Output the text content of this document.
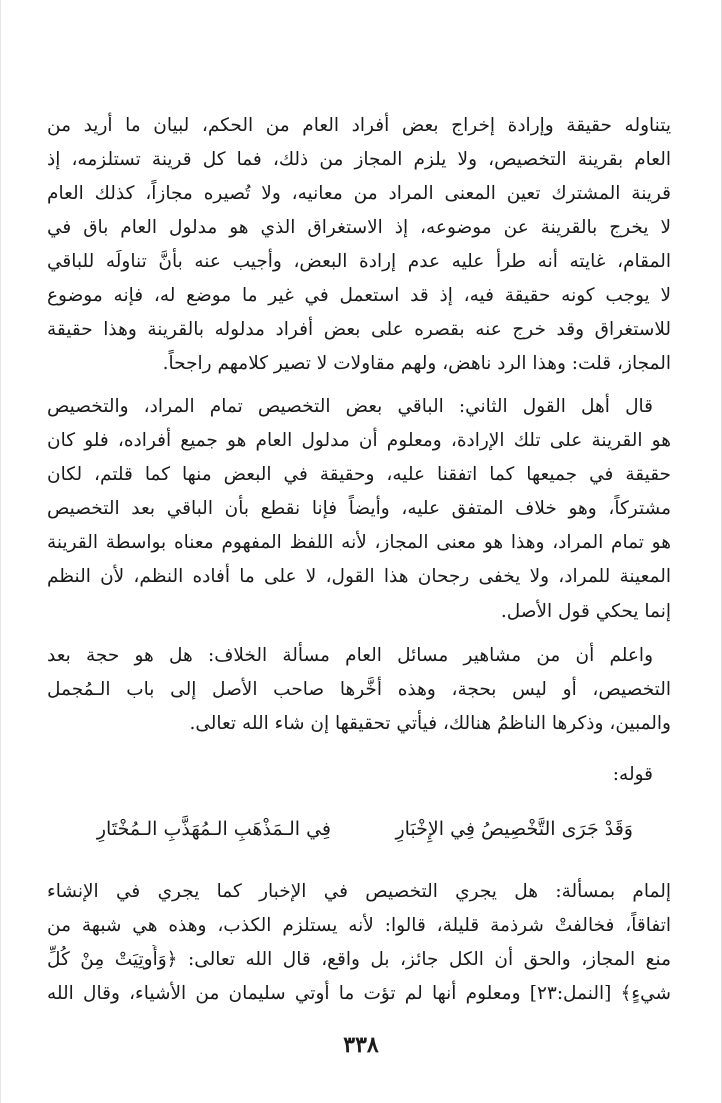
يتناوله حقيقة وإرادة إخراج بعض أفراد العام من الحكم، لبيان ما أريد من
العام بقرينة التخصيص، ولا يلزم المجاز من ذلك، فما كل قرينة تستلزمه، إذ
قرينة المشترك تعين المعنى المراد من معانيه، ولا تُصيره مجازاً، كذلك العام
لا يخرج بالقرينة عن موضوعه، إذ الاستغراق الذي هو مدلول العام باق في
المقام، غايته أنه طرأ عليه عدم إرادة البعض، وأجيب عنه بأنَّ تناولَه للباقي
لا يوجب كونه حقيقة فيه، إذ قد استعمل في غير ما موضع له، فإنه موضوع
للاستغراق وقد خرج عنه بقصره على بعض أفراد مدلوله بالقرينة وهذا حقيقة
المجاز، قلت: وهذا الرد ناهض، ولهم مقاولات لا تصير كلامهم راجحاً.
قال أهل القول الثاني: الباقي بعض التخصيص تمام المراد، والتخصيص
هو القرينة على تلك الإرادة، ومعلوم أن مدلول العام هو جميع أفراده، فلو كان
حقيقة في جميعها كما اتفقنا عليه، وحقيقة في البعض منها كما قلتم، لكان
مشتركاً، وهو خلاف المتفق عليه، وأيضاً فإنا نقطع بأن الباقي بعد التخصيص
هو تمام المراد، وهذا هو معنى المجاز، لأنه اللفظ المفهوم معناه بواسطة القرينة
المعينة للمراد، ولا يخفى رجحان هذا القول، لا على ما أفاده النظم، لأن النظم
إنما يحكي قول الأصل.
واعلم أن من مشاهير مسائل العام مسألة الخلاف: هل هو حجة بعد
التخصيص، أو ليس بحجة، وهذه أخَّرها صاحب الأصل إلى باب الـمُجمل
والمبين، وذكرها الناظمُ هنالك، فيأتي تحقيقها إن شاء الله تعالى.
قوله:
وَقَدْ جَرَى التَّخْصِيصُ فِي الإِخْبَارِ
فِي الـمَذْهَبِ الـمُهَذَّبِ الـمُخْتَارِ
إلمام بمسألة: هل يجري التخصيص في الإخبار كما يجري في الإنشاء
اتفاقاً، فخالفتْ شرذمة قليلة، قالوا: لأنه يستلزم الكذب، وهذه هي شبهة من
منع المجاز، والحق أن الكل جائز، بل واقع، قال الله تعالى: ﴿وَأُوتِيَتْ مِنْ كُلِّ
شيءٍ﴾ [النمل:٢٣] ومعلوم أنها لم تؤت ما أوتي سليمان من الأشياء، وقال الله
٣٣٨
